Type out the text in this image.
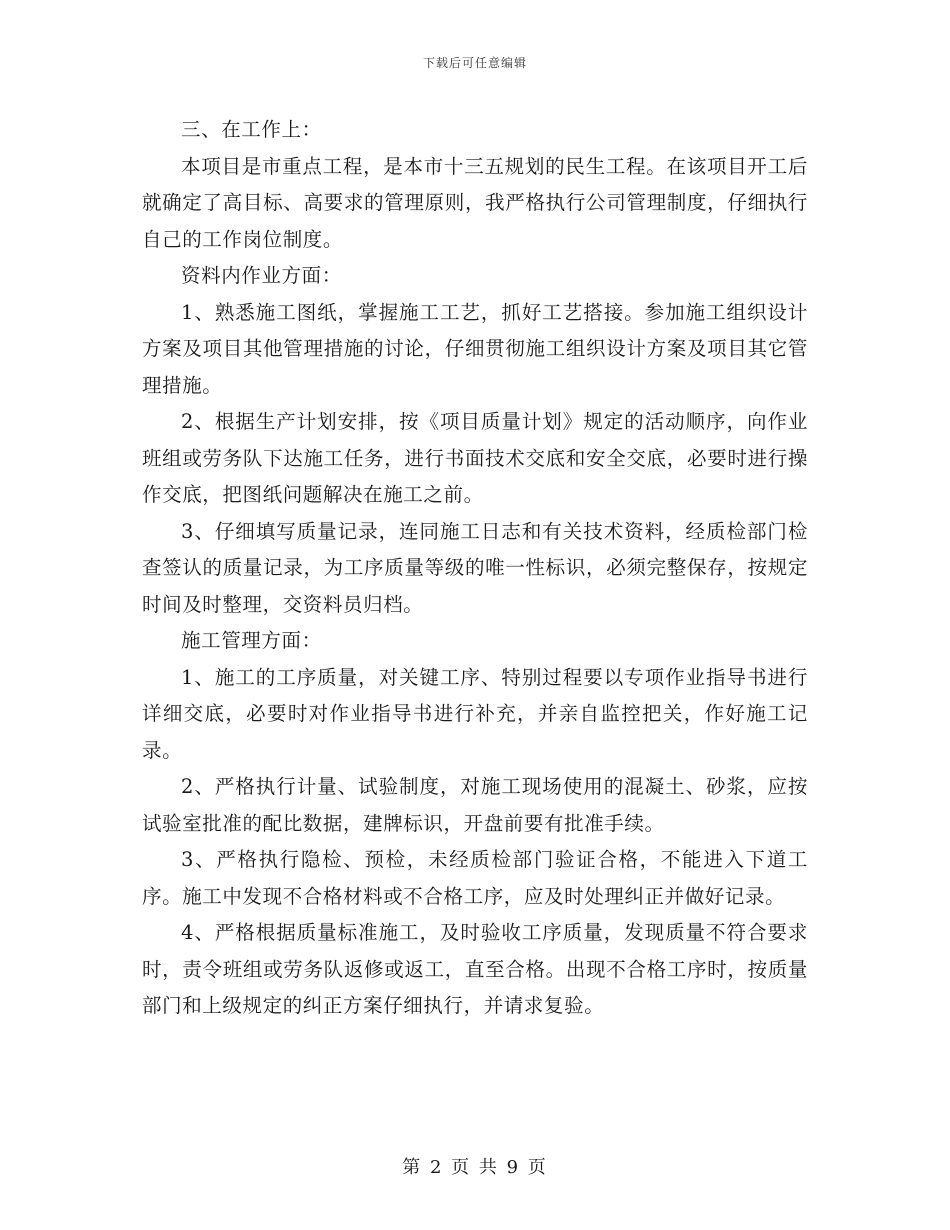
下载后可任意编辑

三、在工作上：

本项目是市重点工程，是本市十三五规划的民生工程。在该项目开工后就确定了高目标、高要求的管理原则，我严格执行公司管理制度，仔细执行自己的工作岗位制度。

资料内作业方面：

1、熟悉施工图纸，掌握施工工艺，抓好工艺搭接。参加施工组织设计方案及项目其他管理措施的讨论，仔细贯彻施工组织设计方案及项目其它管理措施。

2、根据生产计划安排，按《项目质量计划》规定的活动顺序，向作业班组或劳务队下达施工任务，进行书面技术交底和安全交底，必要时进行操作交底，把图纸问题解决在施工之前。

3、仔细填写质量记录，连同施工日志和有关技术资料，经质检部门检查签认的质量记录，为工序质量等级的唯一性标识，必须完整保存，按规定时间及时整理，交资料员归档。

施工管理方面：

1、施工的工序质量，对关键工序、特别过程要以专项作业指导书进行详细交底，必要时对作业指导书进行补充，并亲自监控把关，作好施工记录。

2、严格执行计量、试验制度，对施工现场使用的混凝土、砂浆，应按试验室批准的配比数据，建牌标识，开盘前要有批准手续。

3、严格执行隐检、预检，未经质检部门验证合格，不能进入下道工序。施工中发现不合格材料或不合格工序，应及时处理纠正并做好记录。

4、严格根据质量标准施工，及时验收工序质量，发现质量不符合要求时，责令班组或劳务队返修或返工，直至合格。出现不合格工序时，按质量部门和上级规定的纠正方案仔细执行，并请求复验。

第 2 页 共 9 页
